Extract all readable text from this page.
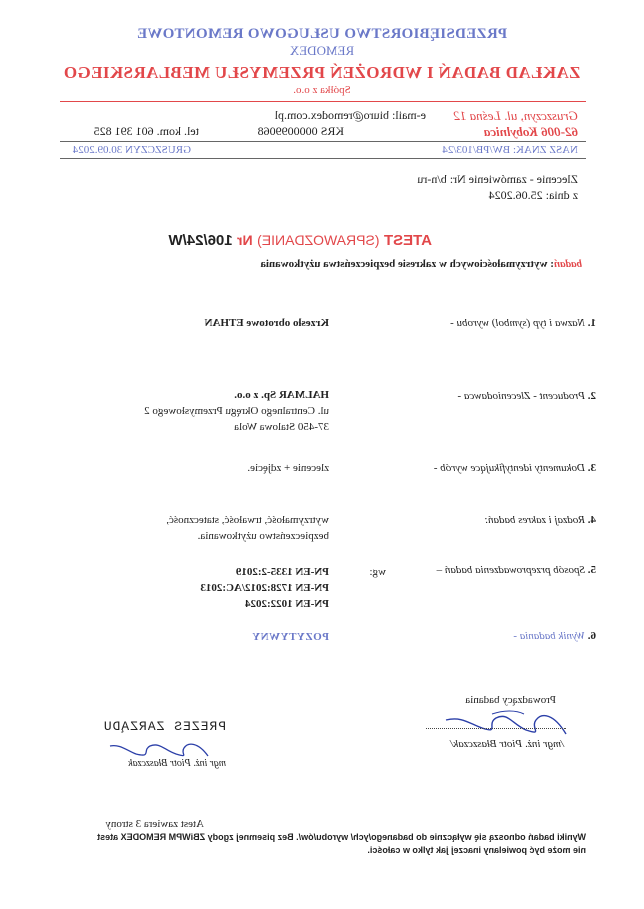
PRZEDSIĘBIORSTWO USŁUGOWO REMONTOWE
REMODEX
ZAKŁAD BADAŃ I WDROŻEŃ PRZEMYSŁU MEBLARSKIEGO
Spółka z o.o.
Gruszczyn, ul. Leśna 12
62-006 Kobylnica
e-mail: biuro@remodex.com.pl
KRS 0000099068
tel. kom. 601 391 825
NASZ ZNAK: BW/PB/103/24
GRUSZCZYN 30.09.2024
Zlecenie - zamówienie Nr: b/n-ru
z dnia: 25.06.2024
ATEST (SPRAWOZDANIE) Nr 106/24/W
badań: wytrzymałościowych w zakresie bezpieczeństwa użytkowania
1. Nazwa i typ (symbol) wyrobu -
Krzesło obrotowe ETHAN
2. Producent - Zleceniodawca -
HALMAR Sp. z o.o.
ul. Centralnego Okręgu Przemysłowego 2
37-450 Stalowa Wola
3. Dokumenty identyfikujące wyrób -
zlecenie + zdjęcie.
4. Rodzaj i zakres badań:
wytrzymałość, trwałość, stateczność,
bezpieczeństwo użytkowania.
5. Sposób przeprowadzenia badań –
wg:
PN-EN 1335-2:2019
PN-EN 1728:2012/AC:2013
PN-EN 1022:2024
6. Wynik badania -
POZYTYWNY
Prowadzący badania
/mgr inż. Piotr Błaszczak/
PREZES ZARZĄDU
mgr inż. Piotr Błaszczak
Atest zawiera 3 strony
Wyniki badań odnoszą się wyłącznie do badanego/ych/ wyrobu/ów/. Bez pisemnej zgody ZBiWPM REMODEX atest
nie może być powielany inaczej jak tylko w całości.
